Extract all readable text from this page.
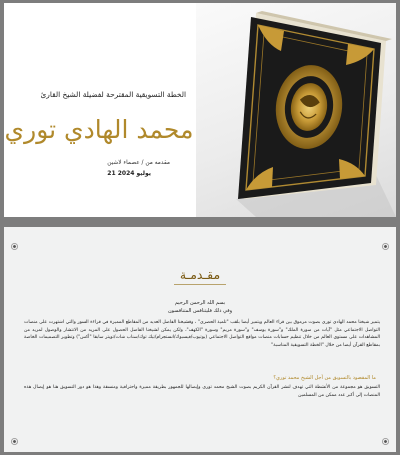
الخطة التسويقية المقترحة لفضيلة الشيخ القارئ
محمد الهادي توري
مقدمه من / عصماء لاشين
21 يوليو 2024
مقـدمـة
بسم الله الرحمن الرحيم
وفي ذلك فليتنافس المتنافسون
يتميز شيخنا محمد الهادي توري بصوت مرموق بين قراء العالم ويتميز أيضا بلقب "تلميذ الحصري" ، وقشيخنا الفاضل العديد من المقاطع المميزة في قراءة السور والتي اشتهرت على منصات التواصل الاجتماعي مثل "آيات من سورة الملك" و"سورة يوسف" و"سورة مريم" وسورة "الكهف"، ولكن يمكن لشيخنا الفاضل الحصول على المزيد من الانتشار والوصول لمزيد من المشاهدات على مستوى العالم من خلال تنظيم حسابات منصات مواقع التواصل الاجتماعي (يوتيوب/فيسبوك/انستجرام/تيك توك/سناب شات/تويتر سابقا "أكس") وتطوير التصميمات الخاصة بمقاطع القرآن أيضا من خلال "الخطة التسويقية المناسبة"
ما المقصود بالتسويق من أجل الشيخ محمد توري؟
التسويق هو مجموعة من الأنشطة التي تهدف لنشر القرآن الكريم بصوت الشيخ محمد توري وإيصالها للجمهور بطريقة مميزة واحترافية ومنسقة وهذا هو دور التسويق هنا هو إيصال هذه المنصات إلى أكبر عدد ممكن من المسلمين
